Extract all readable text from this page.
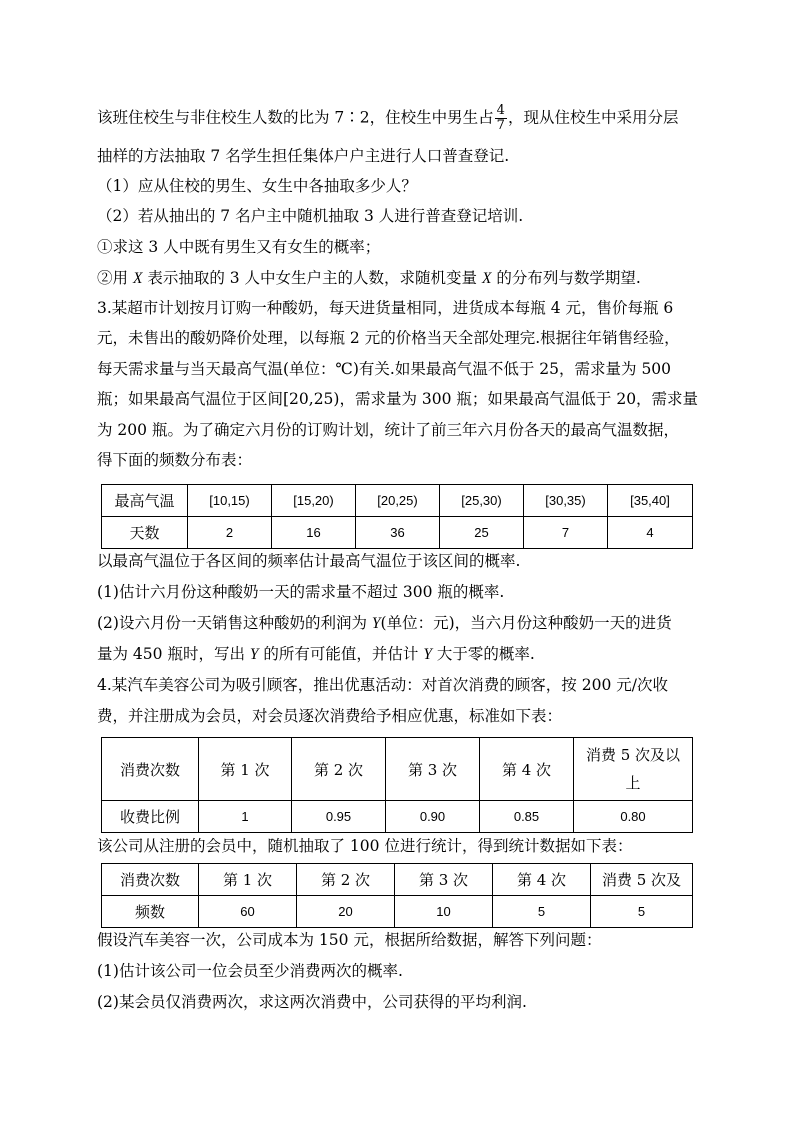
该班住校生与非住校生人数的比为 7∶2，住校生中男生占 $\frac{4}{7}$ ，现从住校生中采用分层
抽样的方法抽取 7 名学生担任集体户户主进行人口普查登记.
（1）应从住校的男生、女生中各抽取多少人？
（2）若从抽出的 7 名户主中随机抽取 3 人进行普查登记培训.
①求这 3 人中既有男生又有女生的概率；
②用 X 表示抽取的 3 人中女生户主的人数，求随机变量 X 的分布列与数学期望.
3.某超市计划按月订购一种酸奶，每天进货量相同，进货成本每瓶 4 元，售价每瓶 6
元，未售出的酸奶降价处理，以每瓶 2 元的价格当天全部处理完.根据往年销售经验，
每天需求量与当天最高气温(单位：℃)有关.如果最高气温不低于 25，需求量为 500
瓶；如果最高气温位于区间[20,25)，需求量为 300 瓶；如果最高气温低于 20，需求量
为 200 瓶。为了确定六月份的订购计划，统计了前三年六月份各天的最高气温数据，
得下面的频数分布表：
最高气温	[10,15)	[15,20)	[20,25)	[25,30)	[30,35)	[35,40]
天数	2	16	36	25	7	4
以最高气温位于各区间的频率估计最高气温位于该区间的概率.
(1)估计六月份这种酸奶一天的需求量不超过 300 瓶的概率.
(2)设六月份一天销售这种酸奶的利润为 Y(单位：元)，当六月份这种酸奶一天的进货
量为 450 瓶时，写出 Y 的所有可能值，并估计 Y 大于零的概率.
4.某汽车美容公司为吸引顾客，推出优惠活动：对首次消费的顾客，按 200 元/次收
费，并注册成为会员，对会员逐次消费给予相应优惠，标准如下表：
消费次数	第 1 次	第 2 次	第 3 次	第 4 次	消费 5 次及以
上
收费比例	1	0.95	0.90	0.85	0.80
该公司从注册的会员中，随机抽取了 100 位进行统计，得到统计数据如下表：
消费次数	第 1 次	第 2 次	第 3 次	第 4 次	消费 5 次及
频数	60	20	10	5	5
假设汽车美容一次，公司成本为 150 元，根据所给数据，解答下列问题：
(1)估计该公司一位会员至少消费两次的概率.
(2)某会员仅消费两次，求这两次消费中，公司获得的平均利润.
